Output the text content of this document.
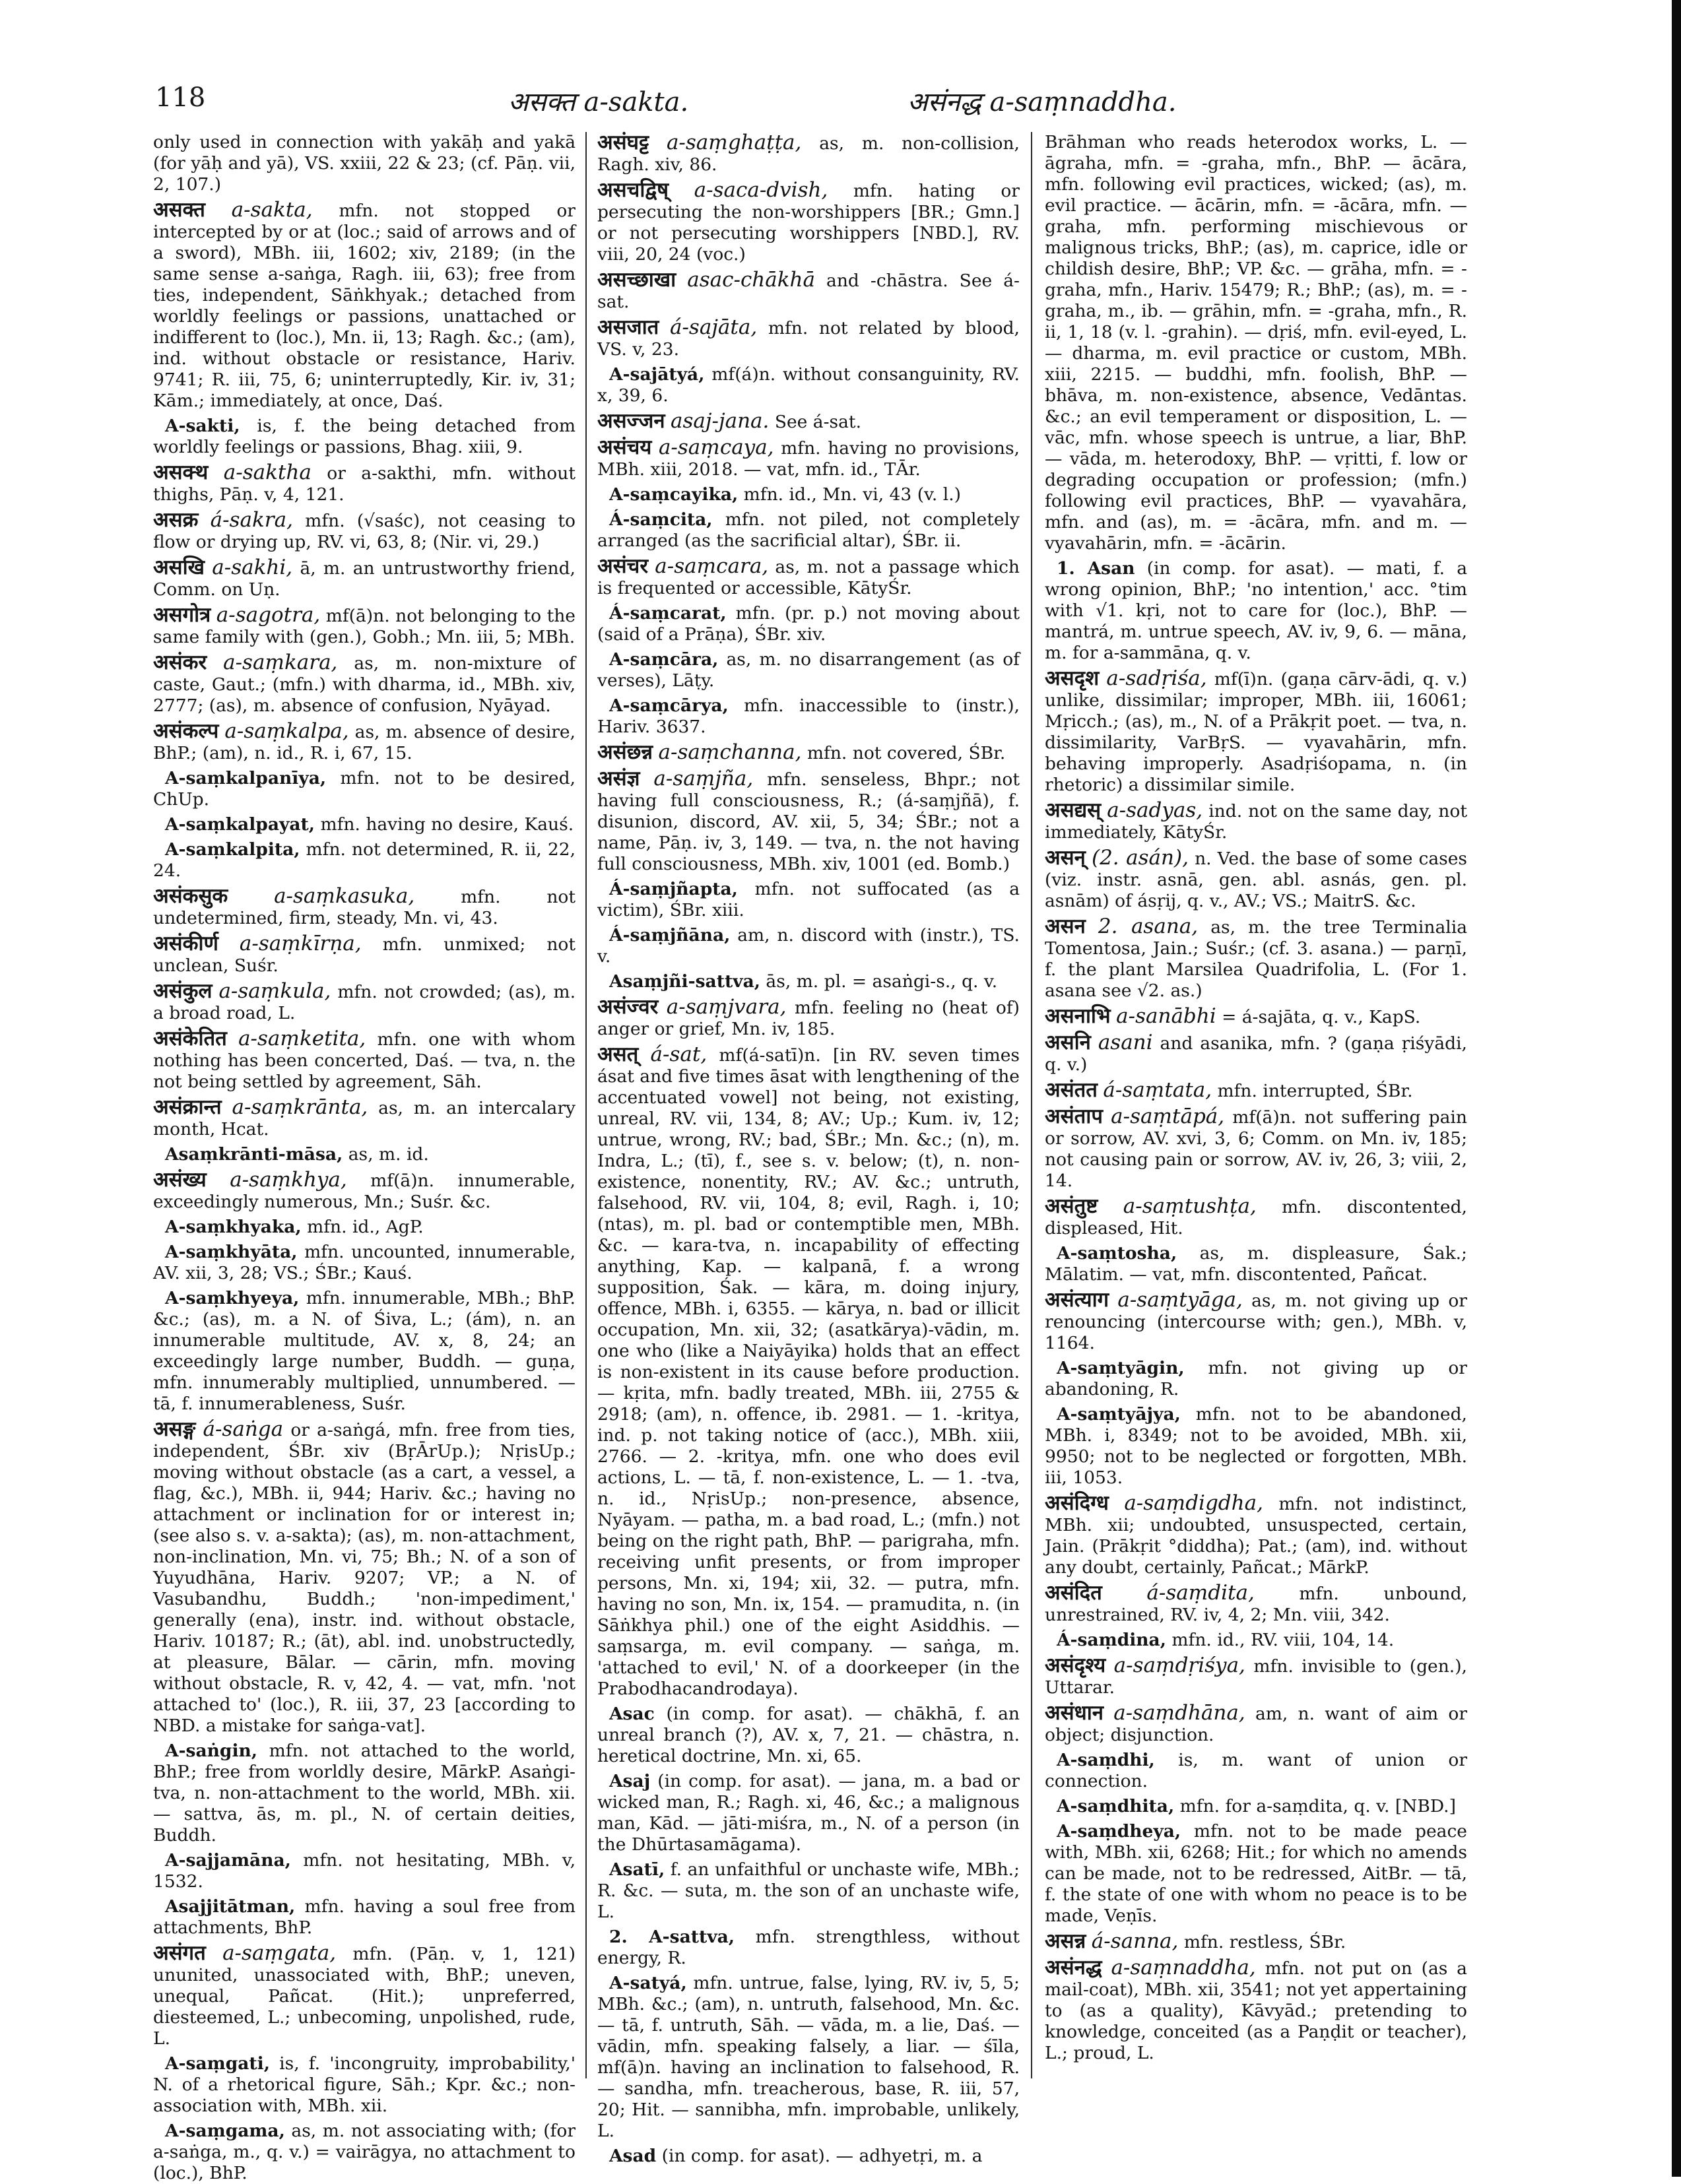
118	असक्त a-sakta.	असंनद्ध a-saṃnaddha.

only used in connection with yakāḥ and yakā (for yāḥ and yā), VS. xxiii, 22 & 23; (cf. Pāṇ. vii, 2, 107.)

असक्त a-sakta, mfn. not stopped or intercepted by or at (loc.; said of arrows and of a sword), MBh. iii, 1602; xiv, 2189; (in the same sense a-saṅga, Ragh. iii, 63); free from ties, independent, Sāṅkhyak.; detached from worldly feelings or passions, unattached or indifferent to (loc.), Mn. ii, 13; Ragh. &c.; (am), ind. without obstacle or resistance, Hariv. 9741; R. iii, 75, 6; uninterruptedly, Kir. iv, 31; Kām.; immediately, at once, Daś.

A-sakti, is, f. the being detached from worldly feelings or passions, Bhag. xiii, 9.

असक्थ a-saktha or a-sakthi, mfn. without thighs, Pāṇ. v, 4, 121.

असक्र á-sakra, mfn. (√saśc), not ceasing to flow or drying up, RV. vi, 63, 8; (Nir. vi, 29.)

असखि a-sakhi, ā, m. an untrustworthy friend, Comm. on Uṇ.

असगोत्र a-sagotra, mf(ā)n. not belonging to the same family with (gen.), Gobh.; Mn. iii, 5; MBh.

असंकर a-saṃkara, as, m. non-mixture of caste, Gaut.; (mfn.) with dharma, id., MBh. xiv, 2777; (as), m. absence of confusion, Nyāyad.

असंकल्प a-saṃkalpa, as, m. absence of desire, BhP.; (am), n. id., R. i, 67, 15.

A-saṃkalpanīya, mfn. not to be desired, ChUp.

A-saṃkalpayat, mfn. having no desire, Kauś.

A-saṃkalpita, mfn. not determined, R. ii, 22, 24.

असंकसुक a-saṃkasuka,	mfn. not undetermined, firm, steady, Mn. vi, 43.

असंकीर्ण a-saṃkīrṇa, mfn. unmixed; not unclean, Suśr.

असंकुल a-saṃkula, mfn. not crowded; (as), m. a broad road, L.

असंकेतित a-saṃketita, mfn. one with whom nothing has been concerted, Daś. — tva, n. the not being settled by agreement, Sāh.

असंक्रान्त a-saṃkrānta, as, m. an intercalary month, Hcat.

Asaṃkrānti-māsa, as, m. id.

असंख्य a-saṃkhya, mf(ā)n. innumerable, exceedingly numerous, Mn.; Suśr. &c.

A-saṃkhyaka, mfn. id., AgP.

A-saṃkhyāta, mfn. uncounted, innumerable, AV. xii, 3, 28; VS.; ŚBr.; Kauś.

A-saṃkhyeya, mfn. innumerable, MBh.; BhP. &c.; (as), m. a N. of Śiva, L.; (ám), n. an innumerable multitude, AV. x, 8, 24; an exceedingly large number, Buddh. — guṇa, mfn. innumerably multiplied, unnumbered. — tā, f. innumerableness, Suśr.

असङ्ग á-saṅga or a-saṅgá, mfn. free from ties, independent, ŚBr. xiv (BṛĀrUp.); NṛisUp.; moving without obstacle (as a cart, a vessel, a flag, &c.), MBh. ii, 944; Hariv. &c.; having no attachment or inclination for or interest in; (see also s. v. a-sakta); (as), m. non-attachment, non-inclination, Mn. vi, 75; Bh.; N. of a son of Yuyudhāna, Hariv. 9207; VP.; a N. of Vasubandhu, Buddh.; 'non-impediment,' generally (ena), instr. ind. without obstacle, Hariv. 10187; R.; (āt), abl. ind. unobstructedly, at pleasure, Bālar. — cārin, mfn. moving without obstacle, R. v, 42, 4. — vat, mfn. 'not attached to' (loc.), R. iii, 37, 23 [according to NBD. a mistake for saṅga-vat].

A-saṅgin, mfn. not attached to the world, BhP.; free from worldly desire, MārkP. Asaṅgi-tva, n. non-attachment to the world, MBh. xii. — sattva, ās, m. pl., N. of certain deities, Buddh.

A-sajjamāna, mfn. not hesitating, MBh. v, 1532.

Asajjitātman, mfn. having a soul free from attachments, BhP.

असंगत a-saṃgata, mfn. (Pāṇ. v, 1, 121) ununited, unassociated with, BhP.; uneven, unequal, Pañcat. (Hit.); unpreferred, diesteemed, L.; unbecoming, unpolished, rude, L.

A-saṃgati, is, f. 'incongruity, improbability,' N. of a rhetorical figure, Sāh.; Kpr. &c.; non-association with, MBh. xii.

A-saṃgama, as, m. not associating with; (for a-saṅga, m., q. v.) = vairāgya, no attachment to (loc.), BhP.

असंघट्ट a-saṃghaṭṭa, as, m. non-collision, Ragh. xiv, 86.

असचद्विष् a-saca-dvish, mfn. hating or persecuting the non-worshippers [BR.; Gmn.] or not persecuting worshippers [NBD.], RV. viii, 20, 24 (voc.)

असच्छाखा asac-chākhā and -chāstra. See á-sat.

असजात á-sajāta, mfn. not related by blood, VS. v, 23.

A-sajātyá, mf(á)n. without consanguinity, RV. x, 39, 6.

असज्जन asaj-jana. See á-sat.

असंचय a-saṃcaya, mfn. having no provisions, MBh. xiii, 2018. — vat, mfn. id., TĀr.

A-saṃcayika, mfn. id., Mn. vi, 43 (v. l.)

Á-saṃcita, mfn. not piled, not completely arranged (as the sacrificial altar), ŚBr. ii.

असंचर a-saṃcara, as, m. not a passage which is frequented or accessible, KātyŚr.

Á-saṃcarat, mfn. (pr. p.) not moving about (said of a Prāṇa), ŚBr. xiv.

A-saṃcāra, as, m. no disarrangement (as of verses), Lāṭy.

A-saṃcārya, mfn. inaccessible to (instr.), Hariv. 3637.

असंछन्न a-saṃchanna, mfn. not covered, ŚBr.

असंज्ञ a-saṃjña, mfn. senseless, Bhpr.; not having full consciousness, R.; (á-saṃjñā), f. disunion, discord, AV. xii, 5, 34; ŚBr.; not a name, Pāṇ. iv, 3, 149. — tva, n. the not having full consciousness, MBh. xiv, 1001 (ed. Bomb.)

Á-saṃjñapta, mfn. not suffocated (as a victim), ŚBr. xiii.

Á-saṃjñāna, am, n. discord with (instr.), TS. v.

Asaṃjñi-sattva, ās, m. pl. = asaṅgi-s., q. v.

असंज्वर a-saṃjvara, mfn. feeling no (heat of) anger or grief, Mn. iv, 185.

असत् á-sat, mf(á-satī)n. [in RV. seven times ásat and five times āsat with lengthening of the accentuated vowel] not being, not existing, unreal, RV. vii, 134, 8; AV.; Up.; Kum. iv, 12; untrue, wrong, RV.; bad, ŚBr.; Mn. &c.; (n), m. Indra, L.; (tī), f., see s. v. below; (t), n. non-existence, nonentity, RV.; AV. &c.; untruth, falsehood, RV. vii, 104, 8; evil, Ragh. i, 10; (ntas), m. pl. bad or contemptible men, MBh. &c. — kara-tva, n. incapability of effecting anything, Kap. — kalpanā, f. a wrong supposition, Śak. — kāra, m. doing injury, offence, MBh. i, 6355. — kārya, n. bad or illicit occupation, Mn. xii, 32; (asatkārya)-vādin, m. one who (like a Naiyāyika) holds that an effect is non-existent in its cause before production. — kṛita, mfn. badly treated, MBh. iii, 2755 & 2918; (am), n. offence, ib. 2981. — 1. -kritya, ind. p. not taking notice of (acc.), MBh. xiii, 2766. — 2. -kritya, mfn. one who does evil actions, L. — tā, f. non-existence, L. — 1. -tva, n. id., NṛisUp.; non-presence, absence, Nyāyam. — patha, m. a bad road, L.; (mfn.) not being on the right path, BhP. — parigraha, mfn. receiving unfit presents, or from improper persons, Mn. xi, 194; xii, 32. — putra, mfn. having no son, Mn. ix, 154. — pramudita, n. (in Sāṅkhya phil.) one of the eight Asiddhis. — saṃsarga, m. evil company. — saṅga, m. 'attached to evil,' N. of a doorkeeper (in the Prabodhacandrodaya).

Asac (in comp. for asat). — chākhā, f. an unreal branch (?), AV. x, 7, 21. — chāstra, n. heretical doctrine, Mn. xi, 65.

Asaj (in comp. for asat). — jana, m. a bad or wicked man, R.; Ragh. xi, 46, &c.; a malignous man, Kād. — jāti-miśra, m., N. of a person (in the Dhūrtasamāgama).

Asatī, f. an unfaithful or unchaste wife, MBh.; R. &c. — suta, m. the son of an unchaste wife, L.

2. A-sattva, mfn. strengthless, without energy, R.

A-satyá, mfn. untrue, false, lying, RV. iv, 5, 5; MBh. &c.; (am), n. untruth, falsehood, Mn. &c. — tā, f. untruth, Sāh. — vāda, m. a lie, Daś. — vādin, mfn. speaking falsely, a liar. — śīla, mf(ā)n. having an inclination to falsehood, R. — sandha, mfn. treacherous, base, R. iii, 57, 20; Hit. — sannibha, mfn. improbable, unlikely, L.

Asad (in comp. for asat). — adhyetṛi, m. a

Brāhman who reads heterodox works, L. — āgraha, mfn. = -graha, mfn., BhP. — ācāra, mfn. following evil practices, wicked; (as), m. evil practice. — ācārin, mfn. = -ācāra, mfn. — graha, mfn. performing mischievous or malignous tricks, BhP.; (as), m. caprice, idle or childish desire, BhP.; VP. &c. — grāha, mfn. = -graha, mfn., Hariv. 15479; R.; BhP.; (as), m. = -graha, m., ib. — grāhin, mfn. = -graha, mfn., R. ii, 1, 18 (v. l. -grahin). — dṛiś, mfn. evil-eyed, L. — dharma, m. evil practice or custom, MBh. xiii, 2215. — buddhi, mfn. foolish, BhP. — bhāva, m. non-existence, absence, Vedāntas. &c.; an evil temperament or disposition, L. — vāc, mfn. whose speech is untrue, a liar, BhP. — vāda, m. heterodoxy, BhP. — vṛitti, f. low or degrading occupation or profession; (mfn.) following evil practices, BhP. — vyavahāra, mfn. and (as), m. = -ācāra, mfn. and m. — vyavahārin, mfn. = -ācārin.

1. Asan (in comp. for asat). — mati, f. a wrong opinion, BhP.; 'no intention,' acc. °tim with √1. kṛi, not to care for (loc.), BhP. — mantrá, m. untrue speech, AV. iv, 9, 6. — māna, m. for a-sammāna, q. v.

असदृश a-sadṛiśa, mf(ī)n. (gaṇa cārv-ādi, q. v.) unlike, dissimilar; improper, MBh. iii, 16061; Mṛicch.; (as), m., N. of a Prākṛit poet. — tva, n. dissimilarity, VarBṛS. — vyavahārin, mfn. behaving improperly. Asadṛiśopama, n. (in rhetoric) a dissimilar simile.

असद्यस् a-sadyas, ind. not on the same day, not immediately, KātyŚr.

असन् (2. asán), n. Ved. the base of some cases (viz. instr. asnā, gen. abl. asnás, gen. pl. asnām) of ásṛij, q. v., AV.; VS.; MaitrS. &c.

असन 2. asana, as, m. the tree Terminalia Tomentosa, Jain.; Suśr.; (cf. 3. asana.) — parṇī, f. the plant Marsilea Quadrifolia, L. (For 1. asana see √2. as.)

असनाभि a-sanābhi = á-sajāta, q. v., KapS.

असनि asani and asanika, mfn. ? (gaṇa ṛiśyādi, q. v.)

असंतत á-saṃtata, mfn. interrupted, ŚBr.

असंताप a-saṃtāpá, mf(ā)n. not suffering pain or sorrow, AV. xvi, 3, 6; Comm. on Mn. iv, 185; not causing pain or sorrow, AV. iv, 26, 3; viii, 2, 14.

असंतुष्ट a-saṃtushṭa, mfn. discontented, displeased, Hit.

A-saṃtosha, as, m. displeasure, Śak.; Mālatim. — vat, mfn. discontented, Pañcat.

असंत्याग a-saṃtyāga, as, m. not giving up or renouncing (intercourse with; gen.), MBh. v, 1164.

A-saṃtyāgin, mfn. not giving up or abandoning, R.

A-saṃtyājya, mfn. not to be abandoned, MBh. i, 8349; not to be avoided, MBh. xii, 9950; not to be neglected or forgotten, MBh. iii, 1053.

असंदिग्ध a-saṃdigdha, mfn. not indistinct, MBh. xii; undoubted, unsuspected, certain, Jain. (Prākṛit °diddha); Pat.; (am), ind. without any doubt, certainly, Pañcat.; MārkP.

असंदित á-saṃdita,	mfn. unbound, unrestrained, RV. iv, 4, 2; Mn. viii, 342.

Á-saṃdina, mfn. id., RV. viii, 104, 14.

असंदृश्य a-saṃdṛiśya, mfn. invisible to (gen.), Uttarar.

असंधान a-saṃdhāna, am, n. want of aim or object; disjunction.

A-saṃdhi, is, m. want of union or connection.

A-saṃdhita, mfn. for a-saṃdita, q. v. [NBD.]

A-saṃdheya, mfn. not to be made peace with, MBh. xii, 6268; Hit.; for which no amends can be made, not to be redressed, AitBr. — tā, f. the state of one with whom no peace is to be made, Veṇīs.

असन्न á-sanna, mfn. restless, ŚBr.

असंनद्ध a-saṃnaddha, mfn. not put on (as a mail-coat), MBh. xii, 3541; not yet appertaining to (as a quality), Kāvyād.; pretending to knowledge, conceited (as a Paṇḍit or teacher), L.; proud, L.
